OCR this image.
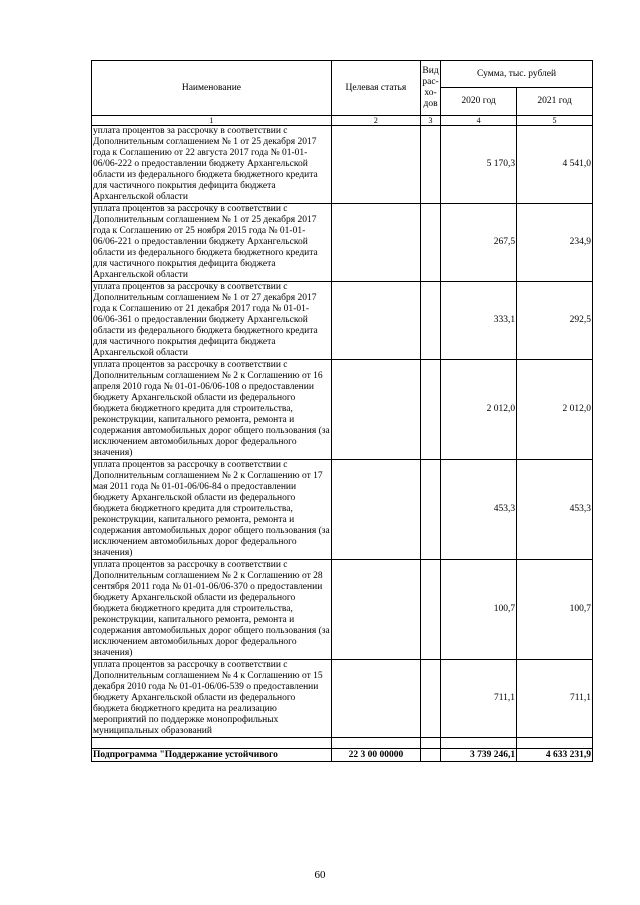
Наименование	Целевая статья	Вид рас- хо- дов	Сумма, тыс. рублей	
			2020 год	2021 год
1	2	3	4	5
уплата процентов за рассрочку в соответствии с Дополнительным соглашением № 1 от 25 декабря 2017 года к Соглашению от 22 августа 2017 года № 01-01-06/06-222 о предоставлении бюджету Архангельской области из федерального бюджета бюджетного кредита для частичного покрытия дефицита бюджета Архангельской области			5 170,3	4 541,0
уплата процентов за рассрочку в соответствии с Дополнительным соглашением № 1 от 25 декабря 2017 года к Соглашению от 25 ноября 2015 года № 01-01-06/06-221 о предоставлении бюджету Архангельской области из федерального бюджета бюджетного кредита для частичного покрытия дефицита бюджета Архангельской области			267,5	234,9
уплата процентов за рассрочку в соответствии с Дополнительным соглашением № 1 от 27 декабря 2017 года к Соглашению от 21 декабря 2017 года № 01-01-06/06-361 о предоставлении бюджету Архангельской области из федерального бюджета бюджетного кредита для частичного покрытия дефицита бюджета Архангельской области			333,1	292,5
уплата процентов за рассрочку в соответствии с Дополнительным соглашением № 2 к Соглашению от 16 апреля 2010 года № 01-01-06/06-108 о предоставлении бюджету Архангельской области из федерального бюджета бюджетного кредита для строительства, реконструкции, капитального ремонта, ремонта и содержания автомобильных дорог общего пользования (за исключением автомобильных дорог федерального значения)			2 012,0	2 012,0
уплата процентов за рассрочку в соответствии с Дополнительным соглашением № 2 к Соглашению от 17 мая 2011 года № 01-01-06/06-84 о предоставлении бюджету Архангельской области из федерального бюджета бюджетного кредита для строительства, реконструкции, капитального ремонта, ремонта и содержания автомобильных дорог общего пользования (за исключением автомобильных дорог федерального значения)			453,3	453,3
уплата процентов за рассрочку в соответствии с Дополнительным соглашением № 2 к Соглашению от 28 сентября 2011 года № 01-01-06/06-370 о предоставлении бюджету Архангельской области из федерального бюджета бюджетного кредита для строительства, реконструкции, капитального ремонта, ремонта и содержания автомобильных дорог общего пользования (за исключением автомобильных дорог федерального значения)			100,7	100,7
уплата процентов за рассрочку в соответствии с Дополнительным соглашением № 4 к Соглашению от 15 декабря 2010 года № 01-01-06/06-539 о предоставлении бюджету Архангельской области из федерального бюджета бюджетного кредита на реализацию мероприятий по поддержке монопрофильных муниципальных образований			711,1	711,1

Подпрограмма "Поддержание устойчивого	22 3 00 00000		3 739 246,1	4 633 231,9
60
